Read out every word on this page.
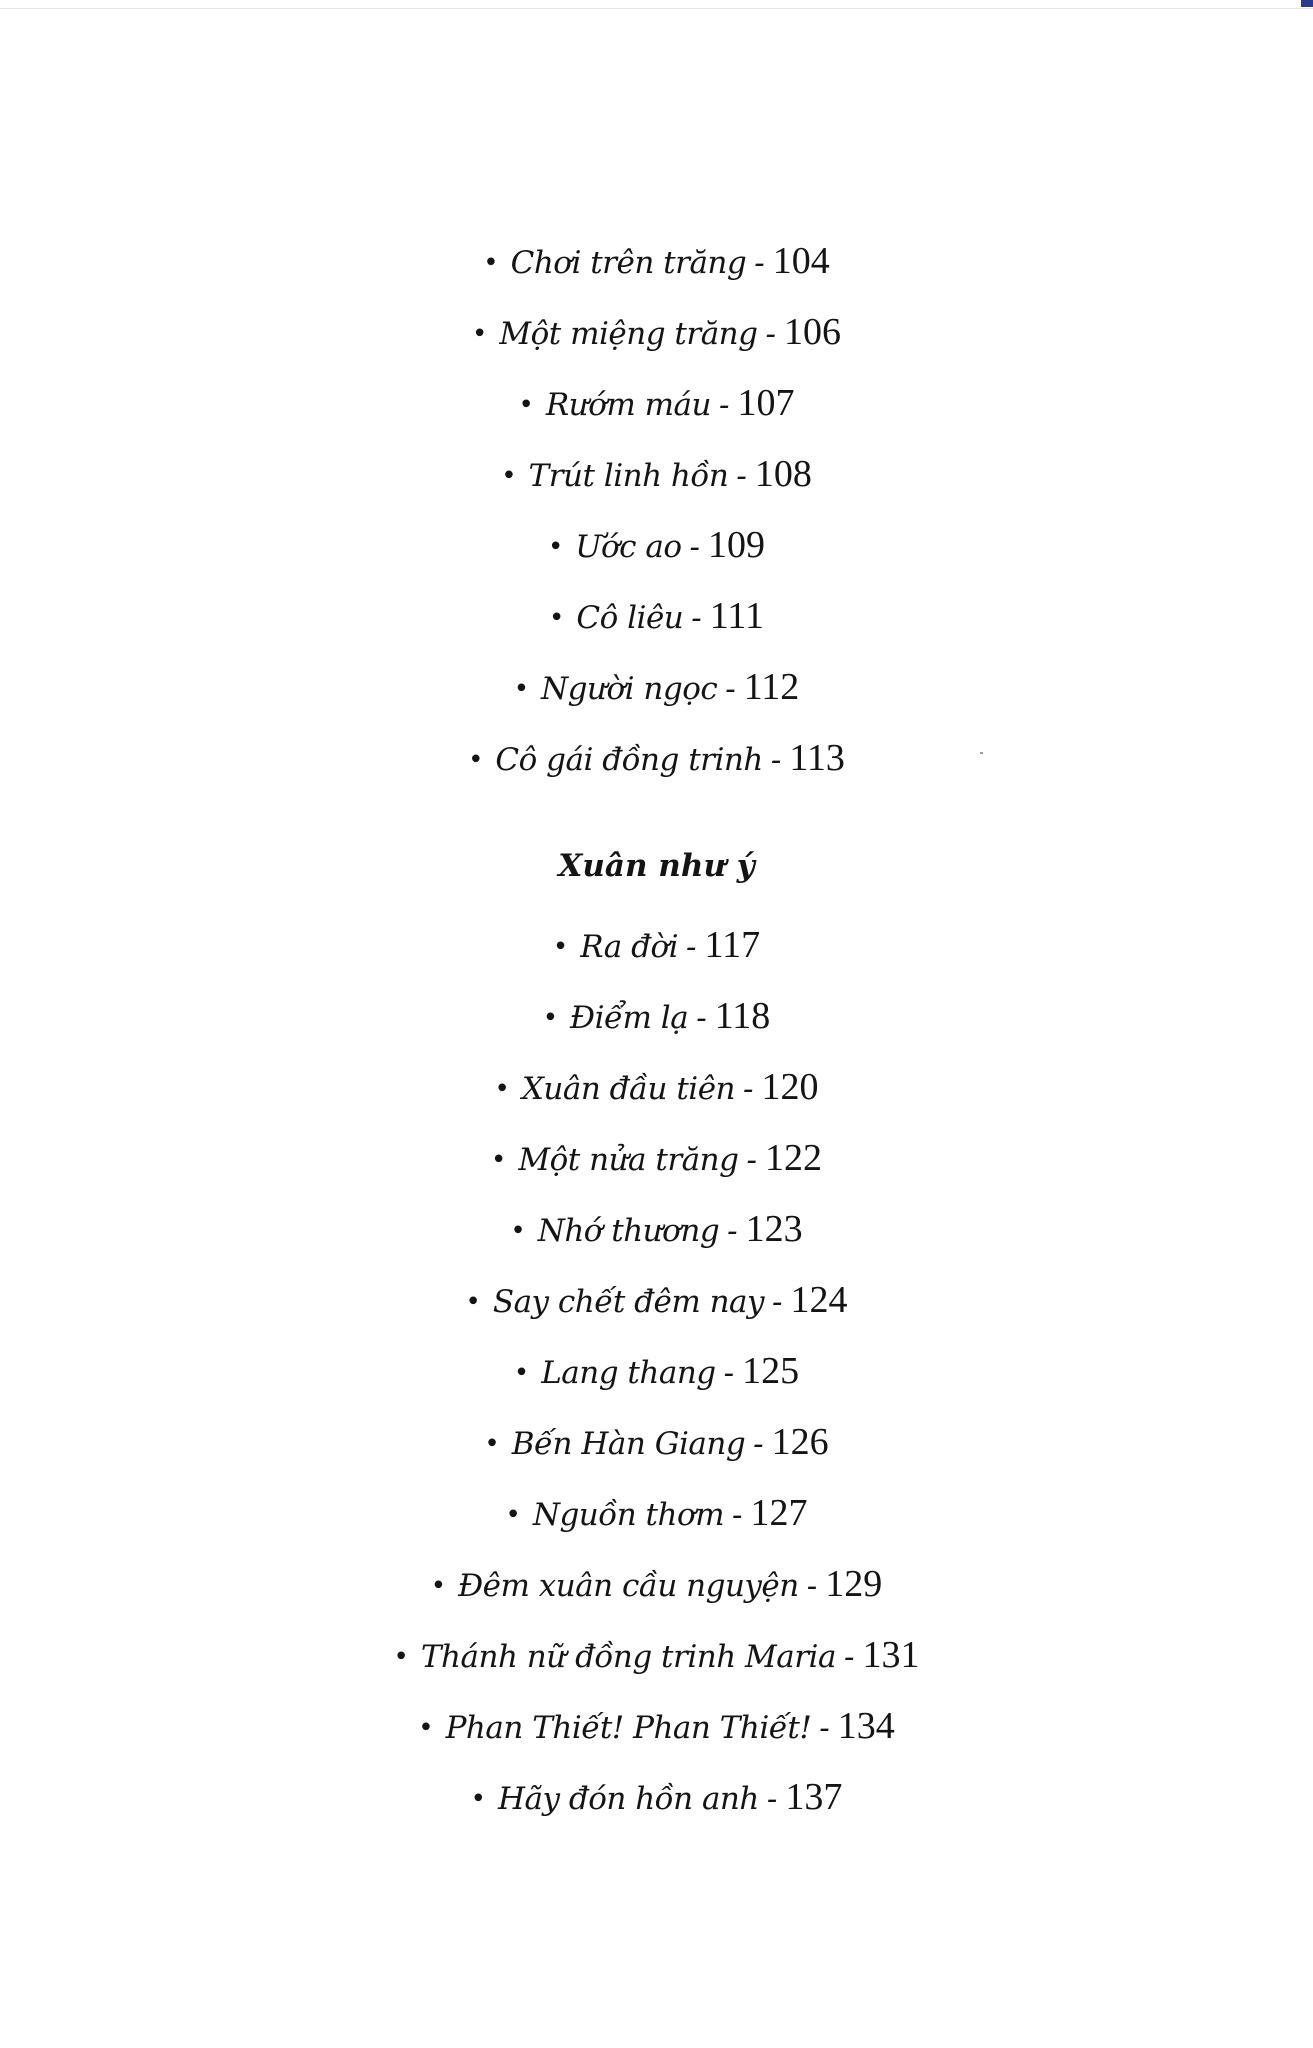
• Chơi trên trăng - 104
• Một miệng trăng - 106
• Rướm máu - 107
• Trút linh hồn - 108
• Ước ao - 109
• Cô liêu - 111
• Người ngọc - 112
• Cô gái đồng trinh - 113
Xuân như ý
• Ra đời - 117
• Điểm lạ - 118
• Xuân đầu tiên - 120
• Một nửa trăng - 122
• Nhớ thương - 123
• Say chết đêm nay - 124
• Lang thang - 125
• Bến Hàn Giang - 126
• Nguồn thơm - 127
• Đêm xuân cầu nguyện - 129
• Thánh nữ đồng trinh Maria - 131
• Phan Thiết! Phan Thiết! - 134
• Hãy đón hồn anh - 137
